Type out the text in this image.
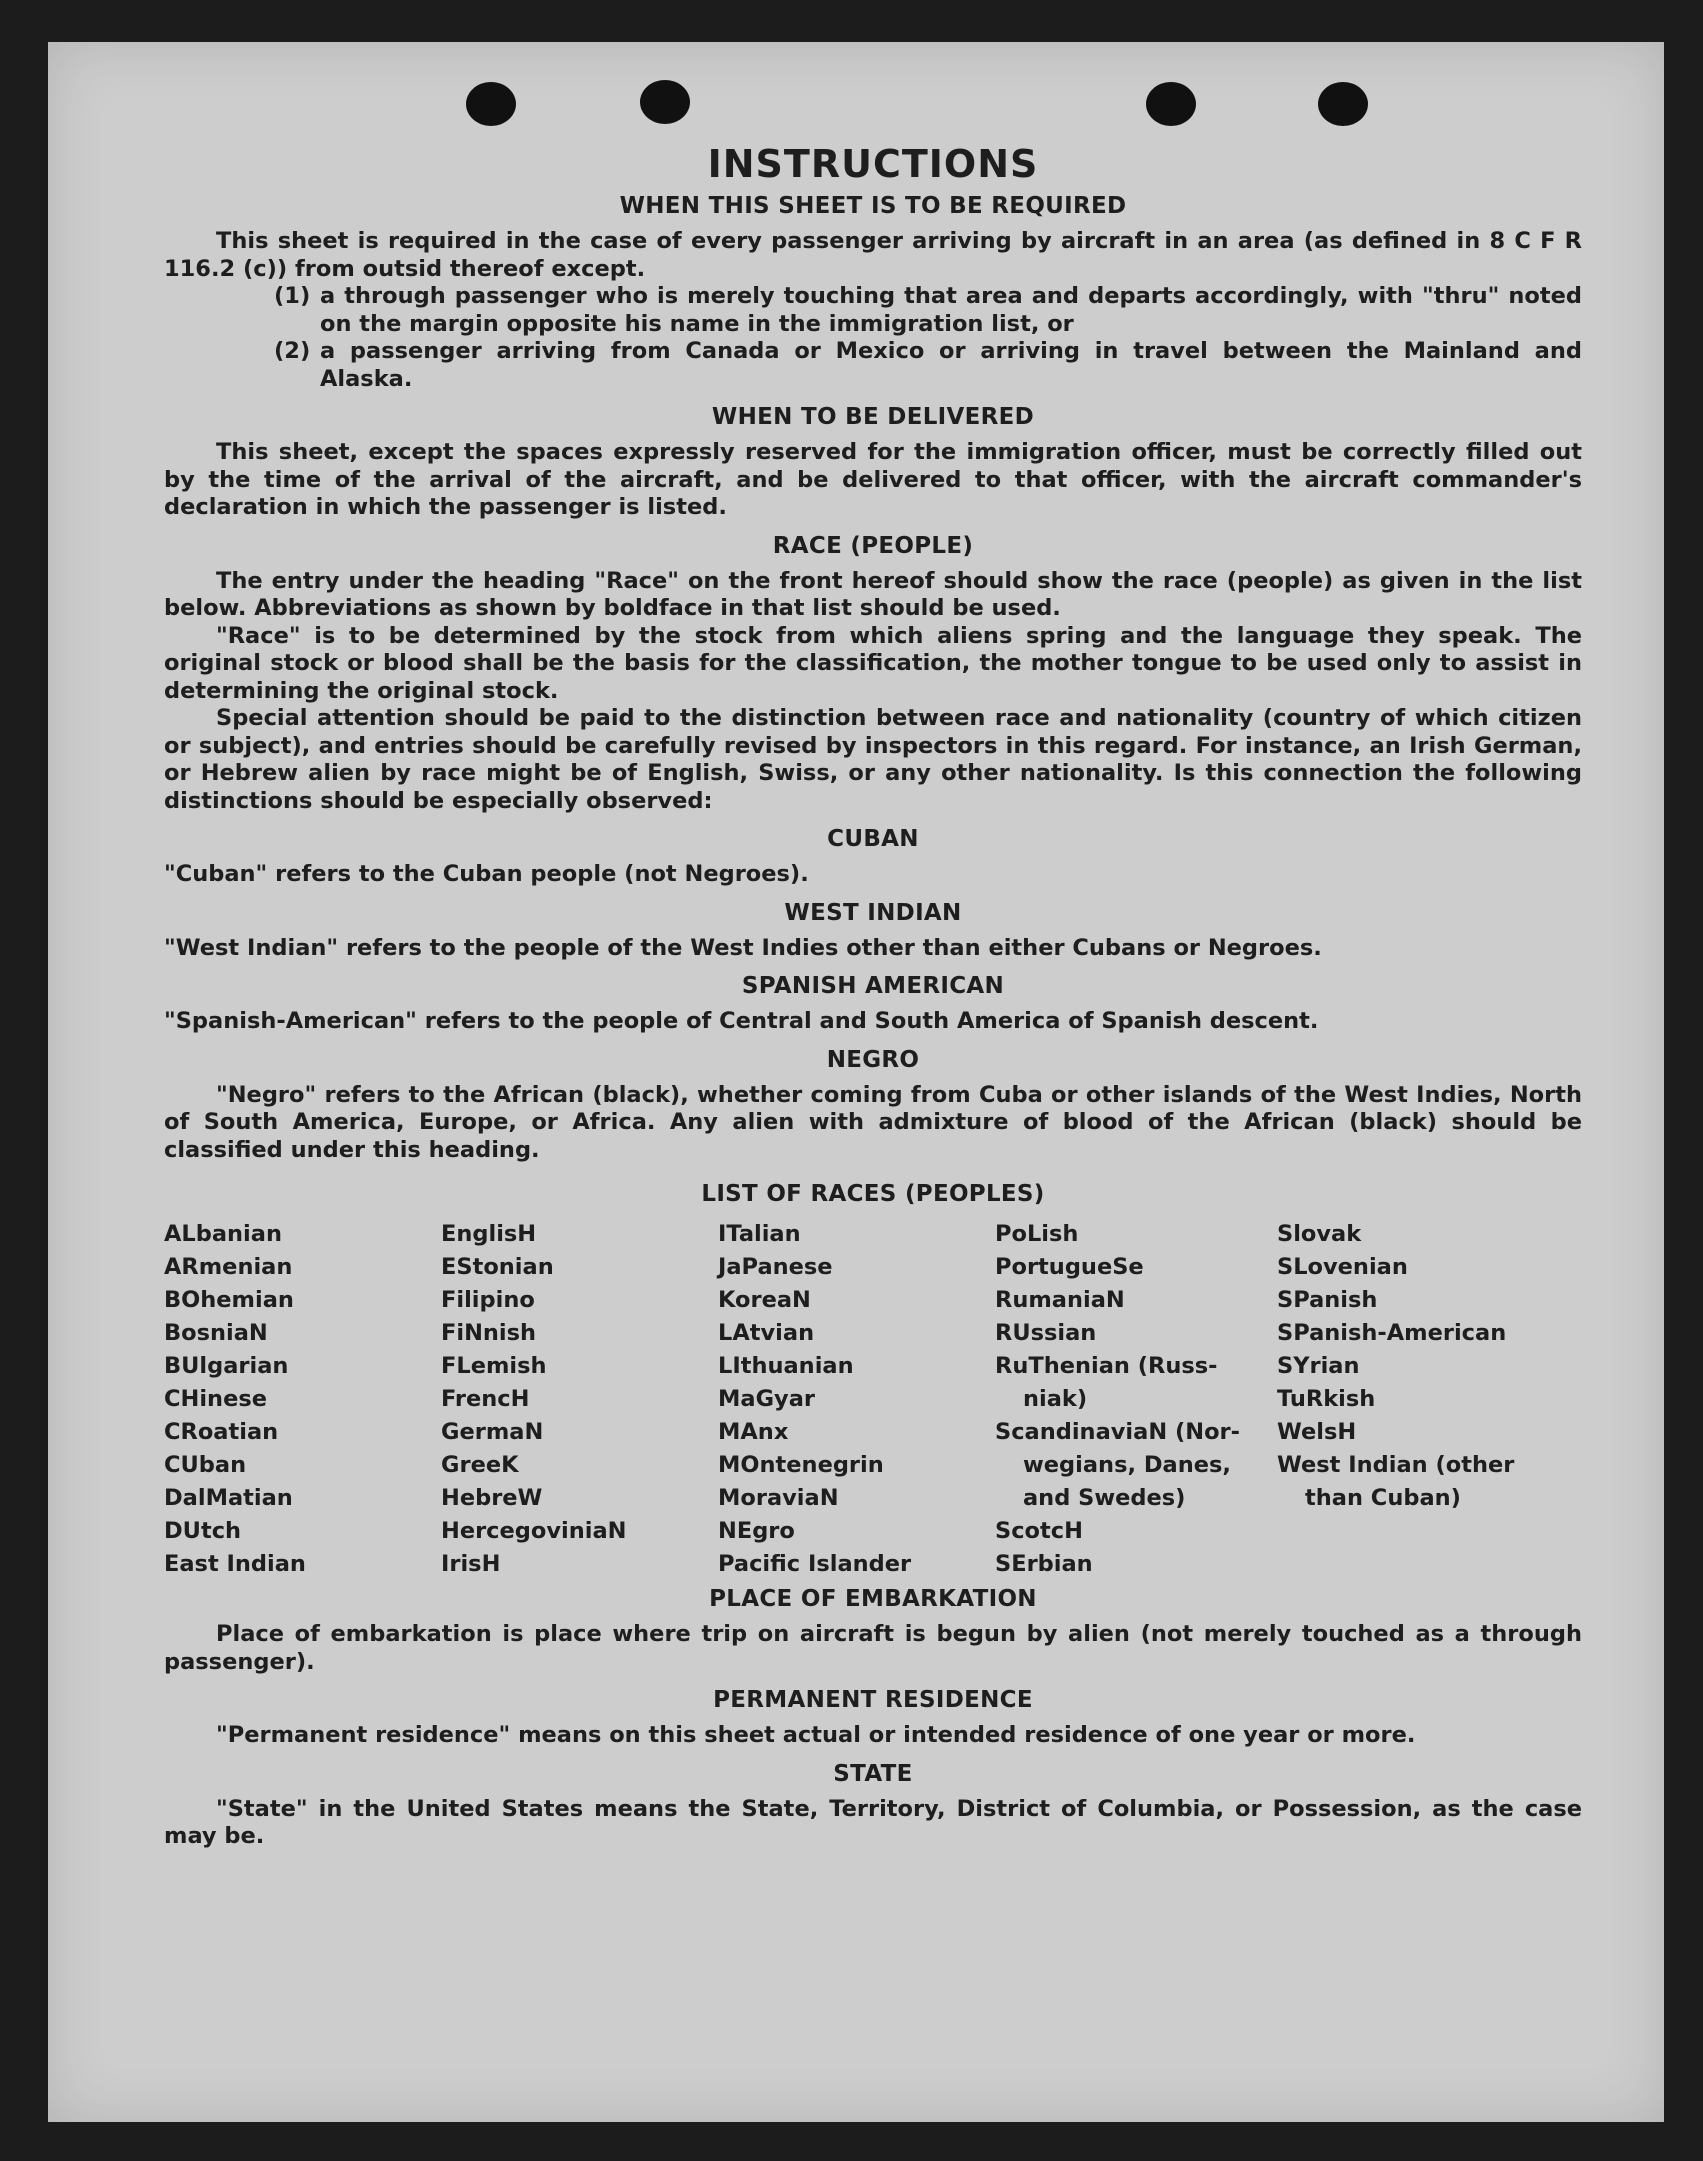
INSTRUCTIONS
WHEN THIS SHEET IS TO BE REQUIRED

This sheet is required in the case of every passenger arriving by aircraft in an area (as defined in 8 C F R 116.2 (c)) from outsid thereof except.

(1) a through passenger who is merely touching that area and departs accordingly, with "thru" noted on the margin opposite his name in the immigration list, or
(2) a passenger arriving from Canada or Mexico or arriving in travel between the Mainland and Alaska.
WHEN TO BE DELIVERED

This sheet, except the spaces expressly reserved for the immigration officer, must be correctly filled out by the time of the arrival of the aircraft, and be delivered to that officer, with the aircraft commander's declaration in which the passenger is listed.

RACE (PEOPLE)

The entry under the heading "Race" on the front hereof should show the race (people) as given in the list below. Abbreviations as shown by boldface in that list should be used.

"Race" is to be determined by the stock from which aliens spring and the language they speak. The original stock or blood shall be the basis for the classification, the mother tongue to be used only to assist in determining the original stock.

Special attention should be paid to the distinction between race and nationality (country of which citizen or subject), and entries should be carefully revised by inspectors in this regard. For instance, an Irish German, or Hebrew alien by race might be of English, Swiss, or any other nationality. Is this connection the following distinctions should be especially observed:

CUBAN

"Cuban" refers to the Cuban people (not Negroes).

WEST INDIAN

"West Indian" refers to the people of the West Indies other than either Cubans or Negroes.

SPANISH AMERICAN

"Spanish-American" refers to the people of Central and South America of Spanish descent.

NEGRO

"Negro" refers to the African (black), whether coming from Cuba or other islands of the West Indies, North of South America, Europe, or Africa. Any alien with admixture of blood of the African (black) should be classified under this heading.

LIST OF RACES (PEOPLES)
ALbanian
ARmenian
BOhemian
BosniaN
BUlgarian
CHinese
CRoatian
CUban
DalMatian
DUtch
East Indian
EnglisH
EStonian
Filipino
FiNnish
FLemish
FrencH
GermaN
GreeK
HebreW
HercegoviniaN
IrisH
ITalian
JaPanese
KoreaN
LAtvian
LIthuanian
MaGyar
MAnx
MOntenegrin
MoraviaN
NEgro
Pacific Islander
PoLish
PortugueSe
RumaniaN
RUssian
RuThenian (Russ-
niak)
ScandinaviaN (Nor-
wegians, Danes,
and Swedes)
ScotcH
SErbian
Slovak
SLovenian
SPanish
SPanish-American
SYrian
TuRkish
WelsH
West Indian (other
than Cuban)
PLACE OF EMBARKATION

Place of embarkation is place where trip on aircraft is begun by alien (not merely touched as a through passenger).

PERMANENT RESIDENCE

"Permanent residence" means on this sheet actual or intended residence of one year or more.

STATE

"State" in the United States means the State, Territory, District of Columbia, or Possession, as the case may be.
